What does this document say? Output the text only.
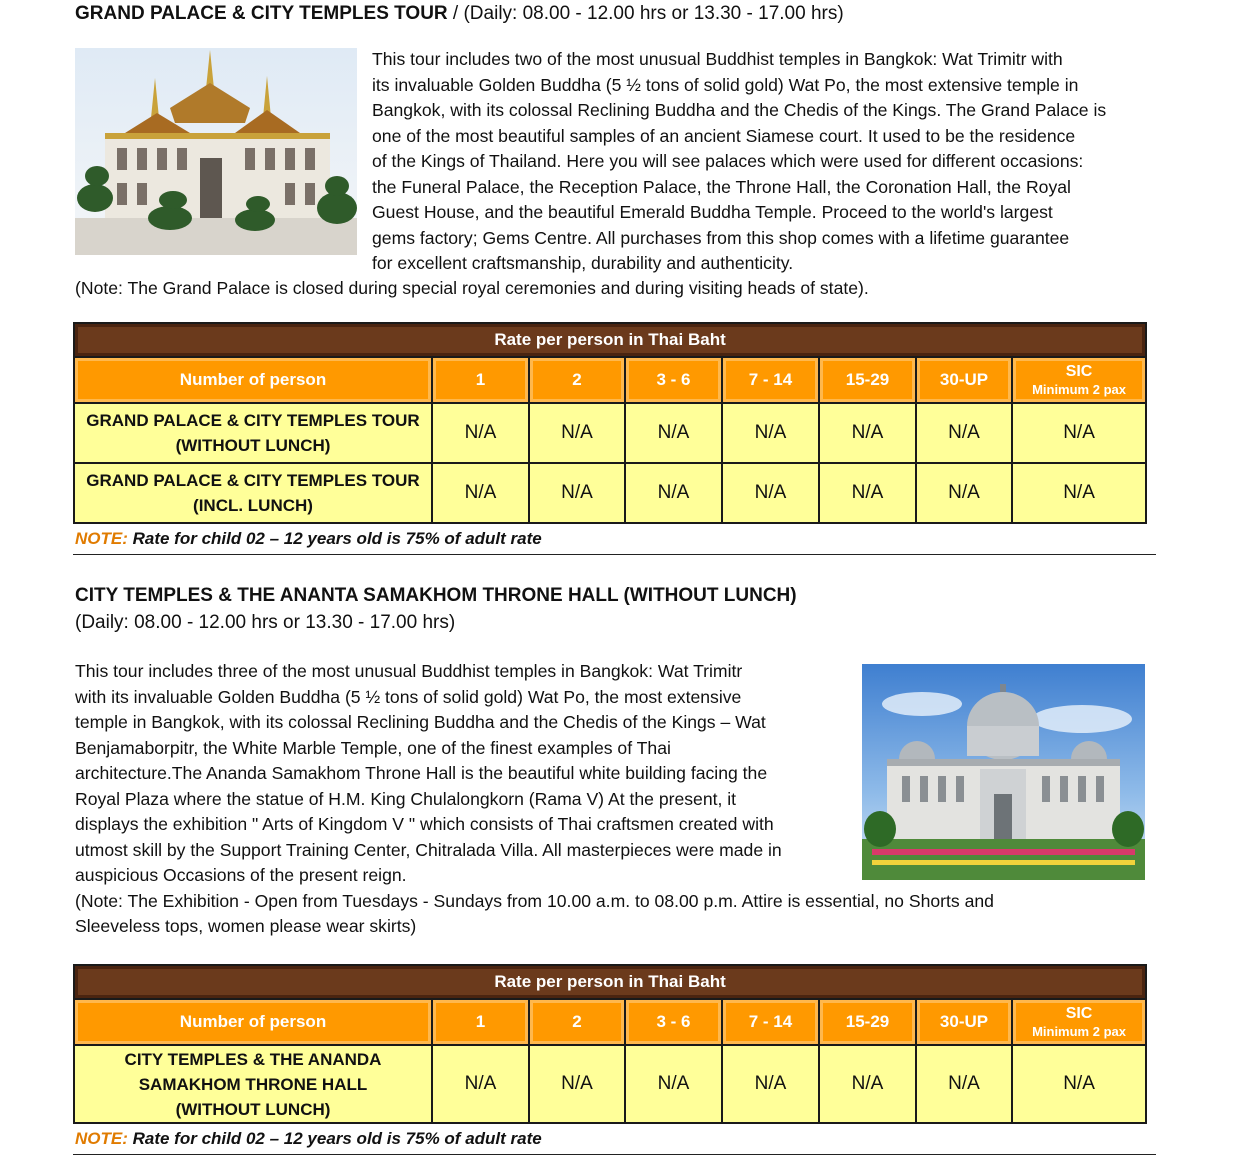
GRAND PALACE & CITY TEMPLES TOUR / (Daily: 08.00 - 12.00 hrs or 13.30 - 17.00 hrs)

This tour includes two of the most unusual Buddhist temples in Bangkok: Wat Trimitr with

its invaluable Golden Buddha (5 ½ tons of solid gold) Wat Po, the most extensive temple in

Bangkok, with its colossal Reclining Buddha and the Chedis of the Kings. The Grand Palace is

one of the most beautiful samples of an ancient Siamese court. It used to be the residence

of the Kings of Thailand. Here you will see palaces which were used for different occasions:

the Funeral Palace, the Reception Palace, the Throne Hall, the Coronation Hall, the Royal

Guest House, and the beautiful Emerald Buddha Temple. Proceed to the world's largest

gems factory; Gems Centre. All purchases from this shop comes with a lifetime guarantee

for excellent craftsmanship, durability and authenticity.

(Note: The Grand Palace is closed during special royal ceremonies and during visiting heads of state).
Rate per person in Thai Baht							
Number of person	1	2	3 - 6	7 - 14	15-29	30-UP	SIC
Minimum 2 pax

GRAND PALACE & CITY TEMPLES TOUR
(WITHOUT LUNCH)	N/A	N/A	N/A	N/A	N/A	N/A	N/A

GRAND PALACE & CITY TEMPLES TOUR
(INCL. LUNCH)	N/A	N/A	N/A	N/A	N/A	N/A	N/A
NOTE: Rate for child 02 – 12 years old is 75% of adult rate
CITY TEMPLES & THE ANANTA SAMAKHOM THRONE HALL (WITHOUT LUNCH)
(Daily: 08.00 - 12.00 hrs or 13.30 - 17.00 hrs)

This tour includes three of the most unusual Buddhist temples in Bangkok: Wat Trimitr

with its invaluable Golden Buddha (5 ½ tons of solid gold) Wat Po, the most extensive

temple in Bangkok, with its colossal Reclining Buddha and the Chedis of the Kings – Wat

Benjamaborpitr, the White Marble Temple, one of the finest examples of Thai

architecture.The Ananda Samakhom Throne Hall is the beautiful white building facing the

Royal Plaza where the statue of H.M. King Chulalongkorn (Rama V) At the present, it

displays the exhibition " Arts of Kingdom V " which consists of Thai craftsmen created with

utmost skill by the Support Training Center, Chitralada Villa. All masterpieces were made in

auspicious Occasions of the present reign.

(Note: The Exhibition - Open from Tuesdays - Sundays from 10.00 a.m. to 08.00 p.m. Attire is essential, no Shorts and

Sleeveless tops, women please wear skirts)

Rate per person in Thai Baht							
Number of person	1	2	3 - 6	7 - 14	15-29	30-UP	SIC
Minimum 2 pax

CITY TEMPLES & THE ANANDA
SAMAKHOM THRONE HALL
(WITHOUT LUNCH)	N/A	N/A	N/A	N/A	N/A	N/A	N/A
NOTE: Rate for child 02 – 12 years old is 75% of adult rate
